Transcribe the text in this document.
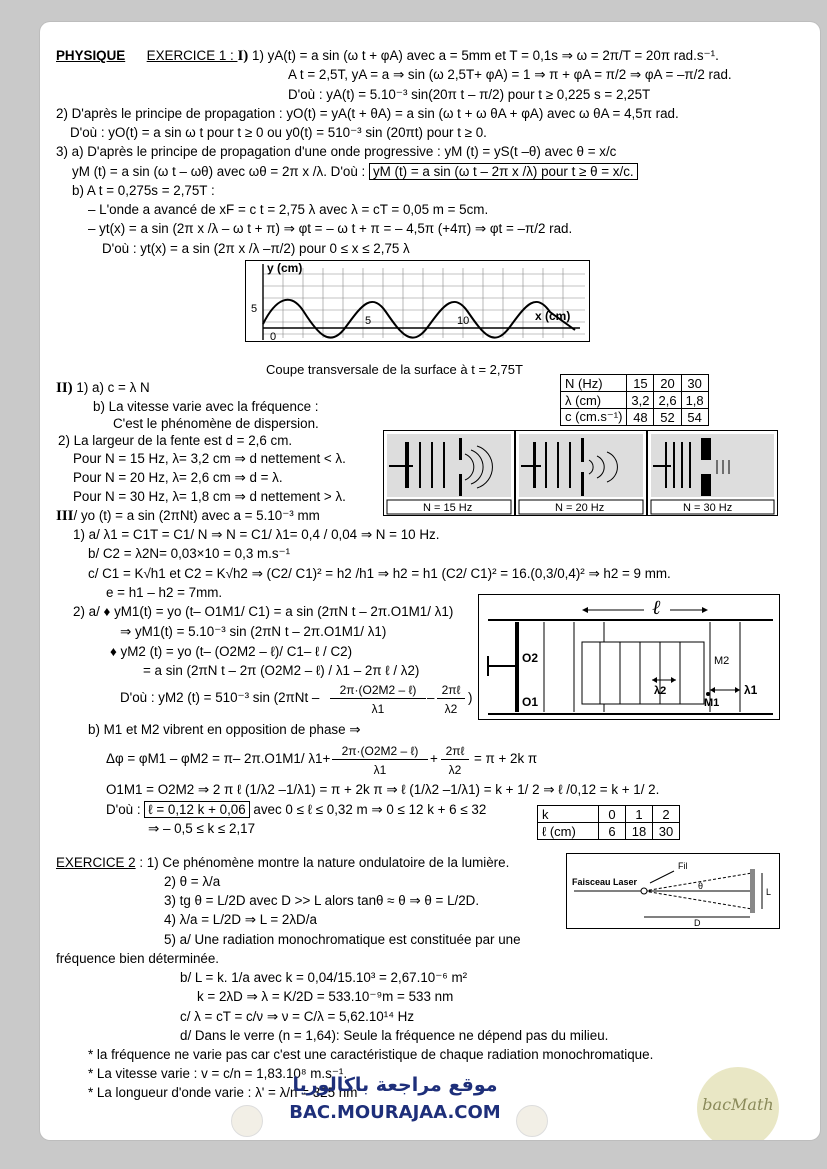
PHYSIQUE EXERCICE 1 : I) 1) yA(t) = a sin (ω t + φA) avec a = 5mm et T = 0,1s ⇒ ω = 2π/T = 20π rad.s⁻¹.
A t = 2,5T, yA = a ⇒ sin (ω 2,5T+ φA) = 1 ⇒ π + φA = π/2 ⇒ φA = –π/2 rad.
D'où : yA(t) = 5.10⁻³ sin(20π t – π/2) pour t ≥ 0,225 s = 2,25T
2) D'après le principe de propagation : yO(t) = yA(t + θA) = a sin (ω t + ω θA + φA) avec ω θA = 4,5π rad.
D'où : yO(t) = a sin ω t pour t ≥ 0 ou y0(t) = 510⁻³ sin (20πt) pour t ≥ 0.
3) a) D'après le principe de propagation d'une onde progressive : yM (t) = yS(t –θ) avec θ = x/c
yM (t) = a sin (ω t – ωθ) avec ωθ = 2π x /λ. D'où : yM (t) = a sin (ω t – 2π x /λ) pour t ≥ θ = x/c.
b) A t = 0,275s = 2,75T :
– L'onde a avancé de xF = c t = 2,75 λ avec λ = cT = 0,05 m = 5cm.
– yt(x) = a sin (2π x /λ – ω t + π) ⇒ φt = – ω t + π = – 4,5π (+4π) ⇒ φt = –π/2 rad.
D'où : yt(x) = a sin (2π x /λ –π/2) pour 0 ≤ x ≤ 2,75 λ
y (cm)
x (cm)
5
5	10
0
Coupe transversale de la surface à t = 2,75T
N (Hz)	15	20	30
λ (cm)	3,2	2,6	1,8
c (cm.s⁻¹)	48	52	54
II) 1) a) c = λ N
b) La vitesse varie avec la fréquence :
C'est le phénomène de dispersion.
2) La largeur de la fente est d = 2,6 cm.
Pour N = 15 Hz, λ= 3,2 cm ⇒ d nettement < λ.
Pour N = 20 Hz, λ= 2,6 cm ⇒ d = λ.
Pour N = 30 Hz, λ= 1,8 cm ⇒ d nettement > λ.
N = 15 Hz	N = 20 Hz	N = 30 Hz
III/ yo (t) = a sin (2πNt) avec a = 5.10⁻³ mm
1) a/ λ1 = C1T = C1/ N ⇒ N = C1/ λ1= 0,4 / 0,04 ⇒ N = 10 Hz.
b/ C2 = λ2N= 0,03×10 = 0,3 m.s⁻¹
c/ C1 = K√h1 et C2 = K√h2 ⇒ (C2/ C1)² = h2 /h1 ⇒ h2 = h1 (C2/ C1)² = 16.(0,3/0,4)² ⇒ h2 = 9 mm.
e = h1 – h2 = 7mm.
2) a/ ♦ yM1(t) = yo (t– O1M1/ C1) = a sin (2πN t – 2π.O1M1/ λ1)
⇒ yM1(t) = 5.10⁻³ sin (2πN t – 2π.O1M1/ λ1)
♦ yM2 (t) = yo (t– (O2M2 – ℓ)/ C1– ℓ / C2)
= a sin (2πN t – 2π (O2M2 – ℓ) / λ1 – 2π ℓ / λ2)
D'où : yM2 (t) = 510⁻³ sin (2πNt –	2π·(O2M2 – ℓ)
λ1
– 2πℓ
λ2
)
b) M1 et M2 vibrent en opposition de phase ⇒
Δφ = φM1 – φM2 = π– 2π.O1M1/ λ1+ 2π·(O2M2 – ℓ)
λ1
+ 2πℓ
λ2
= π + 2k π
O1M1 = O2M2 ⇒ 2 π ℓ (1/λ2 –1/λ1) = π + 2k π ⇒ ℓ (1/λ2 –1/λ1) = k + 1/ 2 ⇒ ℓ /0,12 = k + 1/ 2.
D'où : ℓ = 0,12 k + 0,06 avec 0 ≤ ℓ ≤ 0,32 m ⇒ 0 ≤ 12 k + 6 ≤ 32
⇒ – 0,5 ≤ k ≤ 2,17
ℓ
O2
O1
M2
M1
λ2	λ1
k	0	1	2
ℓ (cm)	6	18	30
EXERCICE 2 : 1) Ce phénomène montre la nature ondulatoire de la lumière.
2) θ = λ/a
3) tg θ = L/2D avec D >> L alors tanθ ≈ θ ⇒ θ = L/2D.
4) λ/a = L/2D ⇒ L = 2λD/a
5) a/ Une radiation monochromatique est constituée par une
fréquence bien déterminée.
b/ L = k. 1/a avec k = 0,04/15.10³ = 2,67.10⁻⁶ m²
k = 2λD ⇒ λ = K/2D = 533.10⁻⁹m = 533 nm
c/ λ = cT = c/ν ⇒ ν = C/λ = 5,62.10¹⁴ Hz
d/ Dans le verre (n = 1,64): Seule la fréquence ne dépend pas du milieu.
* la fréquence ne varie pas car c'est une caractéristique de chaque radiation monochromatique.
* La vitesse varie : v = c/n = 1,83.10⁸ m.s⁻¹.
* La longueur d'onde varie : λ' = λ/n = 325 nm
Fil
Faisceau Laser	θ
D
L
موقع مراجعة باكالوريا
BAC.MOURAJAA.COM	bacMath
